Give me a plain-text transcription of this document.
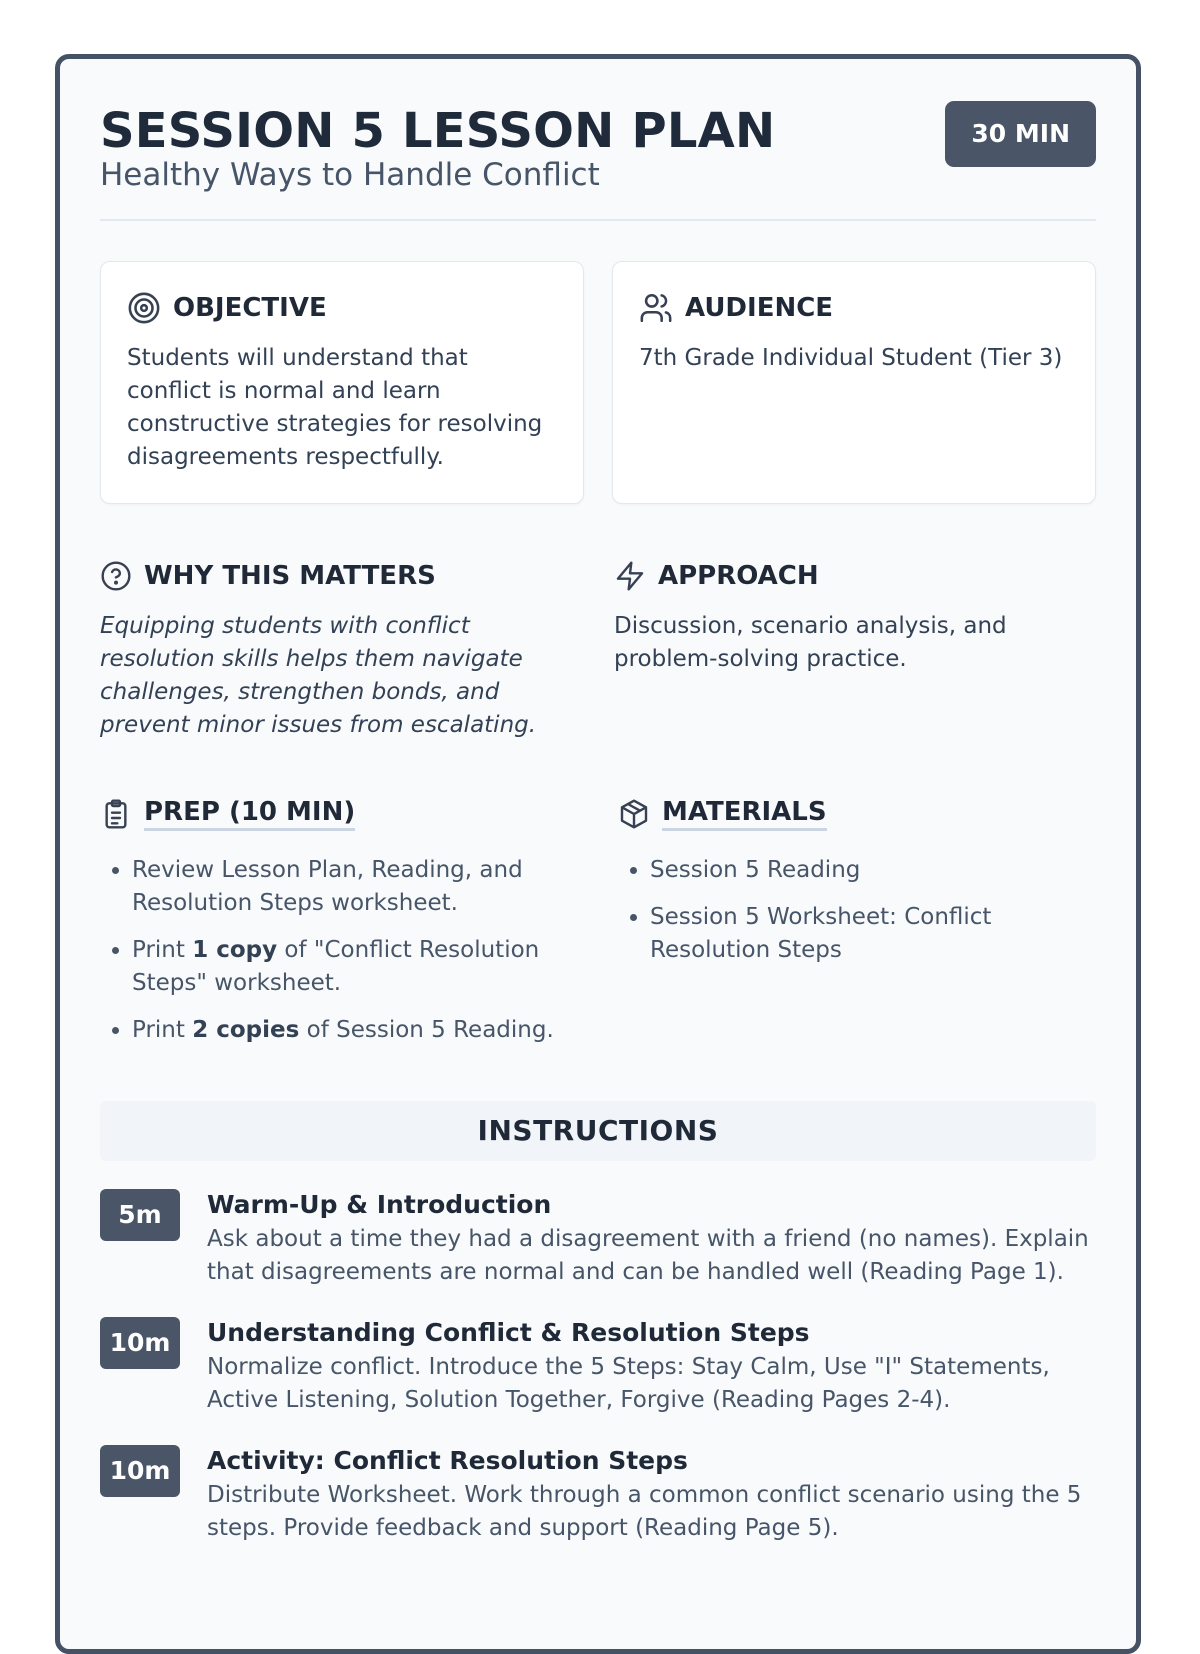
SESSION 5 LESSON PLAN
Healthy Ways to Handle Conflict
30 MIN
OBJECTIVE
Students will understand that conflict is normal and learn constructive strategies for resolving disagreements respectfully.
AUDIENCE
7th Grade Individual Student (Tier 3)
WHY THIS MATTERS
Equipping students with conflict resolution skills helps them navigate challenges, strengthen bonds, and prevent minor issues from escalating.
APPROACH
Discussion, scenario analysis, and problem-solving practice.
PREP (10 MIN)
• Review Lesson Plan, Reading, and Resolution Steps worksheet.
• Print 1 copy of "Conflict Resolution Steps" worksheet.
• Print 2 copies of Session 5 Reading.
MATERIALS
• Session 5 Reading
• Session 5 Worksheet: Conflict Resolution Steps
INSTRUCTIONS
5m	Warm-Up & Introduction
Ask about a time they had a disagreement with a friend (no names). Explain that disagreements are normal and can be handled well (Reading Page 1).
10m	Understanding Conflict & Resolution Steps
Normalize conflict. Introduce the 5 Steps: Stay Calm, Use "I" Statements, Active Listening, Solution Together, Forgive (Reading Pages 2-4).
10m	Activity: Conflict Resolution Steps
Distribute Worksheet. Work through a common conflict scenario using the 5 steps. Provide feedback and support (Reading Page 5).
